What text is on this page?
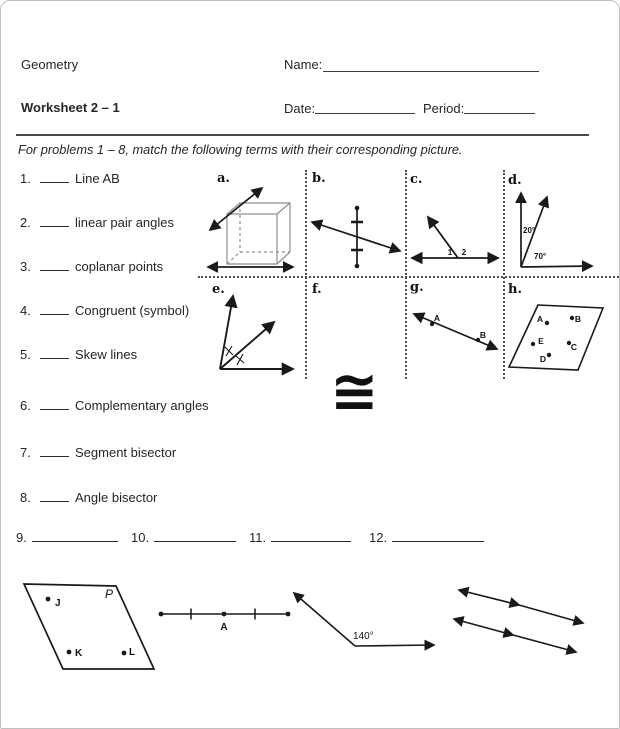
Geometry	Name:
Worksheet 2 – 1	Date:	Period:
For problems 1 – 8, match the following terms with their corresponding picture.
1.	Line AB
2.	linear pair angles
3.	coplanar points
4.	Congruent (symbol)
5.	Skew lines
6.	Complementary angles
7.	Segment bisector
8.	Angle bisector
a.	b.	c.	d.
e.	f.	g.	h.
1 2
20°
70°
≅
A
B
A	B
C
D
E
9.	10.	11.	12.
P
J
K	L
A
140°
